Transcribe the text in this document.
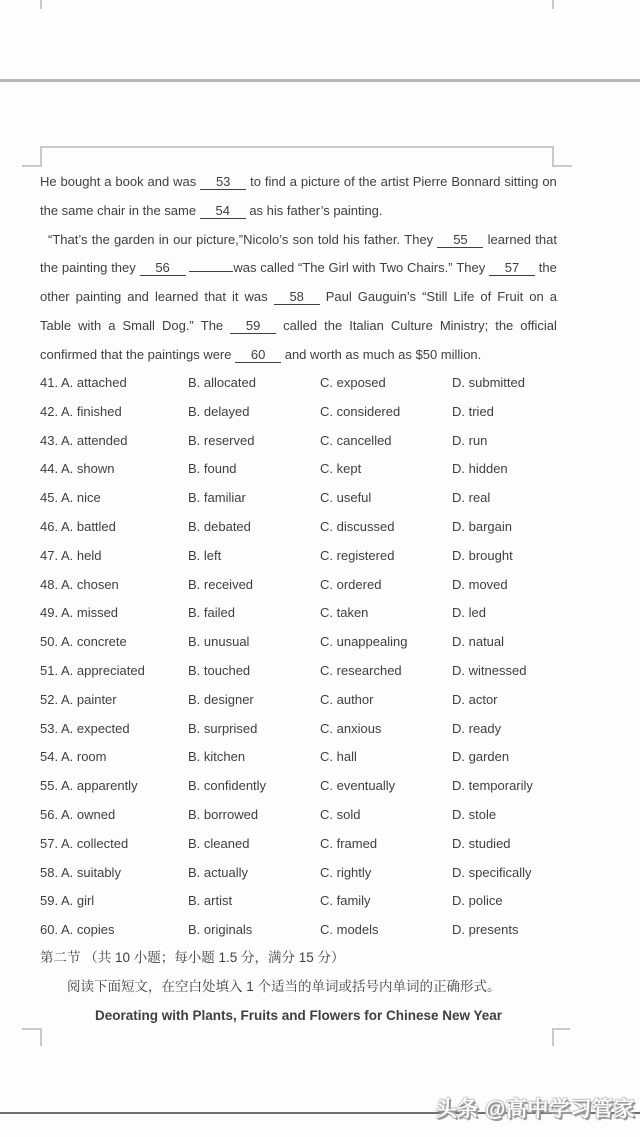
He bought a book and was	53	to find a picture of the artist Pierre Bonnard sitting on
the same chair in the same 54 as his father’s painting.
“That’s the garden in our picture,”Nicolo’s son told his father. They	55	learned that
the painting they	56	was called “The Girl with Two Chairs.” They	57	the
other painting and learned that it was	58	Paul Gauguin’s “Still Life of Fruit on a
Table with a Small Dog.” The	59	called the Italian Culture Ministry; the official
confirmed that the paintings were 60 and worth as much as $50 million.
41. A. attached	B. allocated	C. exposed	D. submitted
42. A. finished	B. delayed	C. considered	D. tried
43. A. attended	B. reserved	C. cancelled	D. run
44. A. shown	B. found	C. kept	D. hidden
45. A. nice	B. familiar	C. useful	D. real
46. A. battled	B. debated	C. discussed	D. bargain
47. A. held	B. left	C. registered	D. brought
48. A. chosen	B. received	C. ordered	D. moved
49. A. missed	B. failed	C. taken	D. led
50. A. concrete	B. unusual	C. unappealing	D. natual
51. A. appreciated	B. touched	C. researched	D. witnessed
52. A. painter	B. designer	C. author	D. actor
53. A. expected	B. surprised	C. anxious	D. ready
54. A. room	B. kitchen	C. hall	D. garden
55. A. apparently	B. confidently	C. eventually	D. temporarily
56. A. owned	B. borrowed	C. sold	D. stole
57. A. collected	B. cleaned	C. framed	D. studied
58. A. suitably	B. actually	C. rightly	D. specifically
59. A. girl	B. artist	C. family	D. police
60. A. copies	B. originals	C. models	D. presents
第二节 （共 10 小题；每小题 1.5 分，满分 15 分）
阅读下面短文，在空白处填入 1 个适当的单词或括号内单词的正确形式。
Deorating with Plants, Fruits and Flowers for Chinese New Year
头条 @高中学习管家
